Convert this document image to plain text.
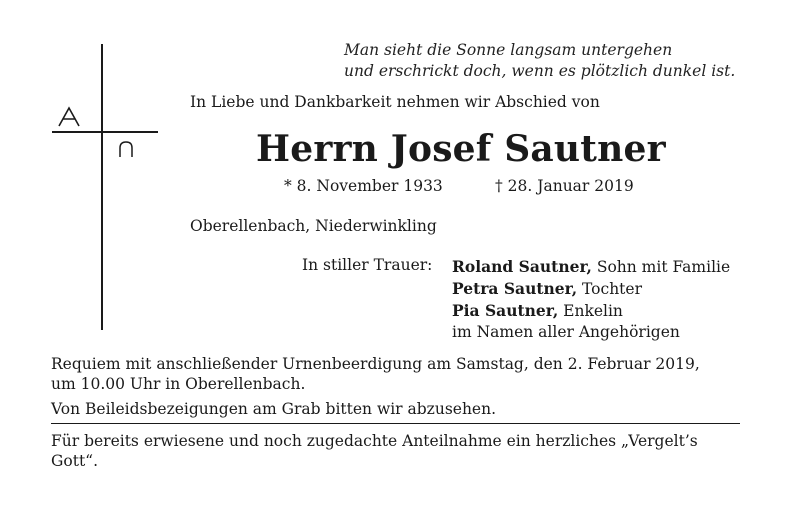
Man sieht die Sonne langsam untergehen
und erschrickt doch, wenn es plötzlich dunkel ist.
In Liebe und Dankbarkeit nehmen wir Abschied von
Herrn Josef Sautner
* 8. November 1933	† 28. Januar 2019
Oberellenbach, Niederwinkling
In stiller Trauer: Roland Sautner, Sohn mit Familie
Petra Sautner, Tochter
Pia Sautner, Enkelin
im Namen aller Angehörigen
Requiem mit anschließender Urnenbeerdigung am Samstag, den 2. Februar 2019,
um 10.00 Uhr in Oberellenbach.
Von Beileidsbezeigungen am Grab bitten wir abzusehen.
Für bereits erwiesene und noch zugedachte Anteilnahme ein herzliches „Vergelt’s
Gott“.
